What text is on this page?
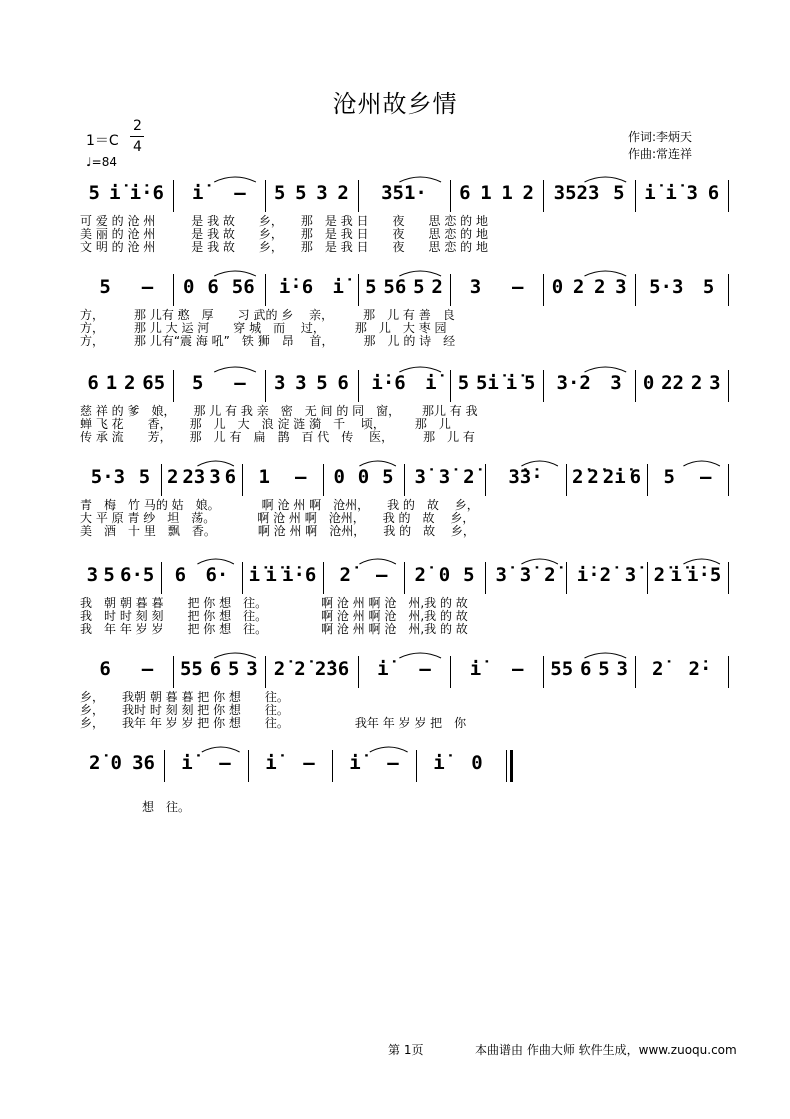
沧州故乡情
1＝C
2
4
♩=84
作词:李炳天
作曲:常连祥
5 i̇ i̇·6 i̇ – 5 5 3 2 351· 6 1 1 2 3523 5 i̇ i̇ 3 6
可 爱 的 沧 州　　　是 我 故　　乡，　　那　是 我 日　　夜　　思 恋 的 地
美 丽 的 沧 州　　　是 我 故　　乡，　　那　是 我 日　　夜　　思 恋 的 地
文 明 的 沧 州　　　是 我 故　　乡，　　那　是 我 日　　夜　　思 恋 的 地
5 – 0 6 56 i̇·6 i̇ 5 56 5 2 3 – 0 2 2 3 5·3 5
方，　　　那 儿有 憨　厚　　习 武的 乡　 亲，　　　那　儿 有 善　良
方，　　　那 儿 大 运 河　　穿 城　而　 过，　　　那　儿　大 枣 园
方，　　　那 儿有“震 海 吼”　铁 狮　昂　 首，　　　那　儿 的 诗　经
6 1 2 65 5 – 3 3 5 6 i̇·6 i̇ 5 5i̇ i̇ 5 3·2 3 0 22 2 3
慈 祥 的 爹　娘，　　那 儿 有 我 亲　密　无 间 的 同　窗，　　 那儿 有 我
蝉 飞 花　　香，　　那　儿　大　浪 淀 涟 漪　千　 顷，　　　那　儿
传 承 流　　芳，　　那　儿 有　扁　鹊　百 代　传　 医，　　　那　儿 有
5·3 5 2 23 3 6 1 – 0 0 5 3̇ 3̇ 2̇ 3̇3̇· 2̇ 2̇ 2̇i̇ 6 5 –
青　梅　竹 马的 姑　娘。　　　　啊 沧 州 啊　沧州，　　我 的　故　 乡，
大 平 原 青 纱　坦　荡。　　　　啊 沧 州 啊　沧州，　　我 的　故　 乡，
美　酒　十 里　飘　香。　　　　啊 沧 州 啊　沧州，　　我 的　故　 乡，
3 5 6·5 6 6· i̇ i̇ i̇·6 2̇ – 2̇ 0 5 3̇ 3̇ 2̇ i̇·2̇ 3̇ 2̇ i̇ i̇·5
我　朝 朝 暮 暮　　把 你 想　往。　　　　　啊 沧 州 啊 沧　州,我 的 故
我　时 时 刻 刻　　把 你 想　往。　　　　　啊 沧 州 啊 沧　州,我 的 故
我　年 年 岁 岁　　把 你 想　往。　　　　　啊 沧 州 啊 沧　州,我 的 故
6 – 55 6 5 3 2̇ 2̇ 2̇36 i̇ – i̇ – 55 6 5 3 2̇ 2̇·
乡，　　我朝 朝 暮 暮 把 你 想　　往。
乡，　　我时 时 刻 刻 把 你 想　　往。
乡，　　我年 年 岁 岁 把 你 想　　往。　　　　　　我年 年 岁 岁 把　你
2̇ 0 36 i̇ – i̇ – i̇ – i̇ 0
想　往。
第 1页	本曲谱由 作曲大师 软件生成，www.zuoqu.com
